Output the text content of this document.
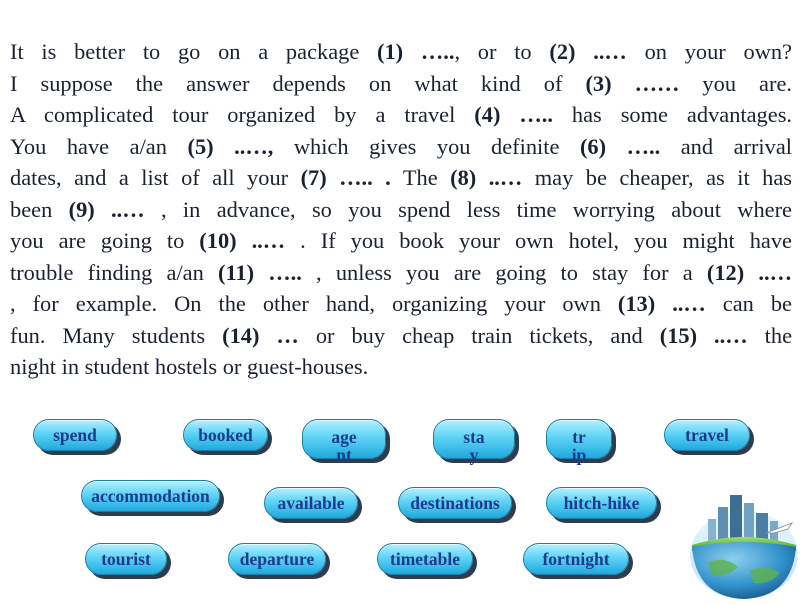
It is better to go on a package (1) ….., or to (2) ..… on your own?
I suppose the answer depends on what kind of (3) …… you are.
A complicated tour organized by a travel (4) ….. has some advantages.
You have a/an (5) ..…, which gives you definite (6) ….. and arrival
dates, and a list of all your (7) ….. . The (8) ..… may be cheaper, as it has
been (9) ..… , in advance, so you spend less time worrying about where
you are going to (10) ..… . If you book your own hotel, you might have
trouble finding a/an (11) ….. , unless you are going to stay for a (12) ..…
, for example. On the other hand, organizing your own (13) ..… can be
fun. Many students (14) … or buy cheap train tickets, and (15) ..… the
night in student hostels or guest-houses.
spend	booked	age
nt
sta
y
tr
ip
travel
accommodation	available	destinations	hitch-hike
tourist	departure	timetable	fortnight
